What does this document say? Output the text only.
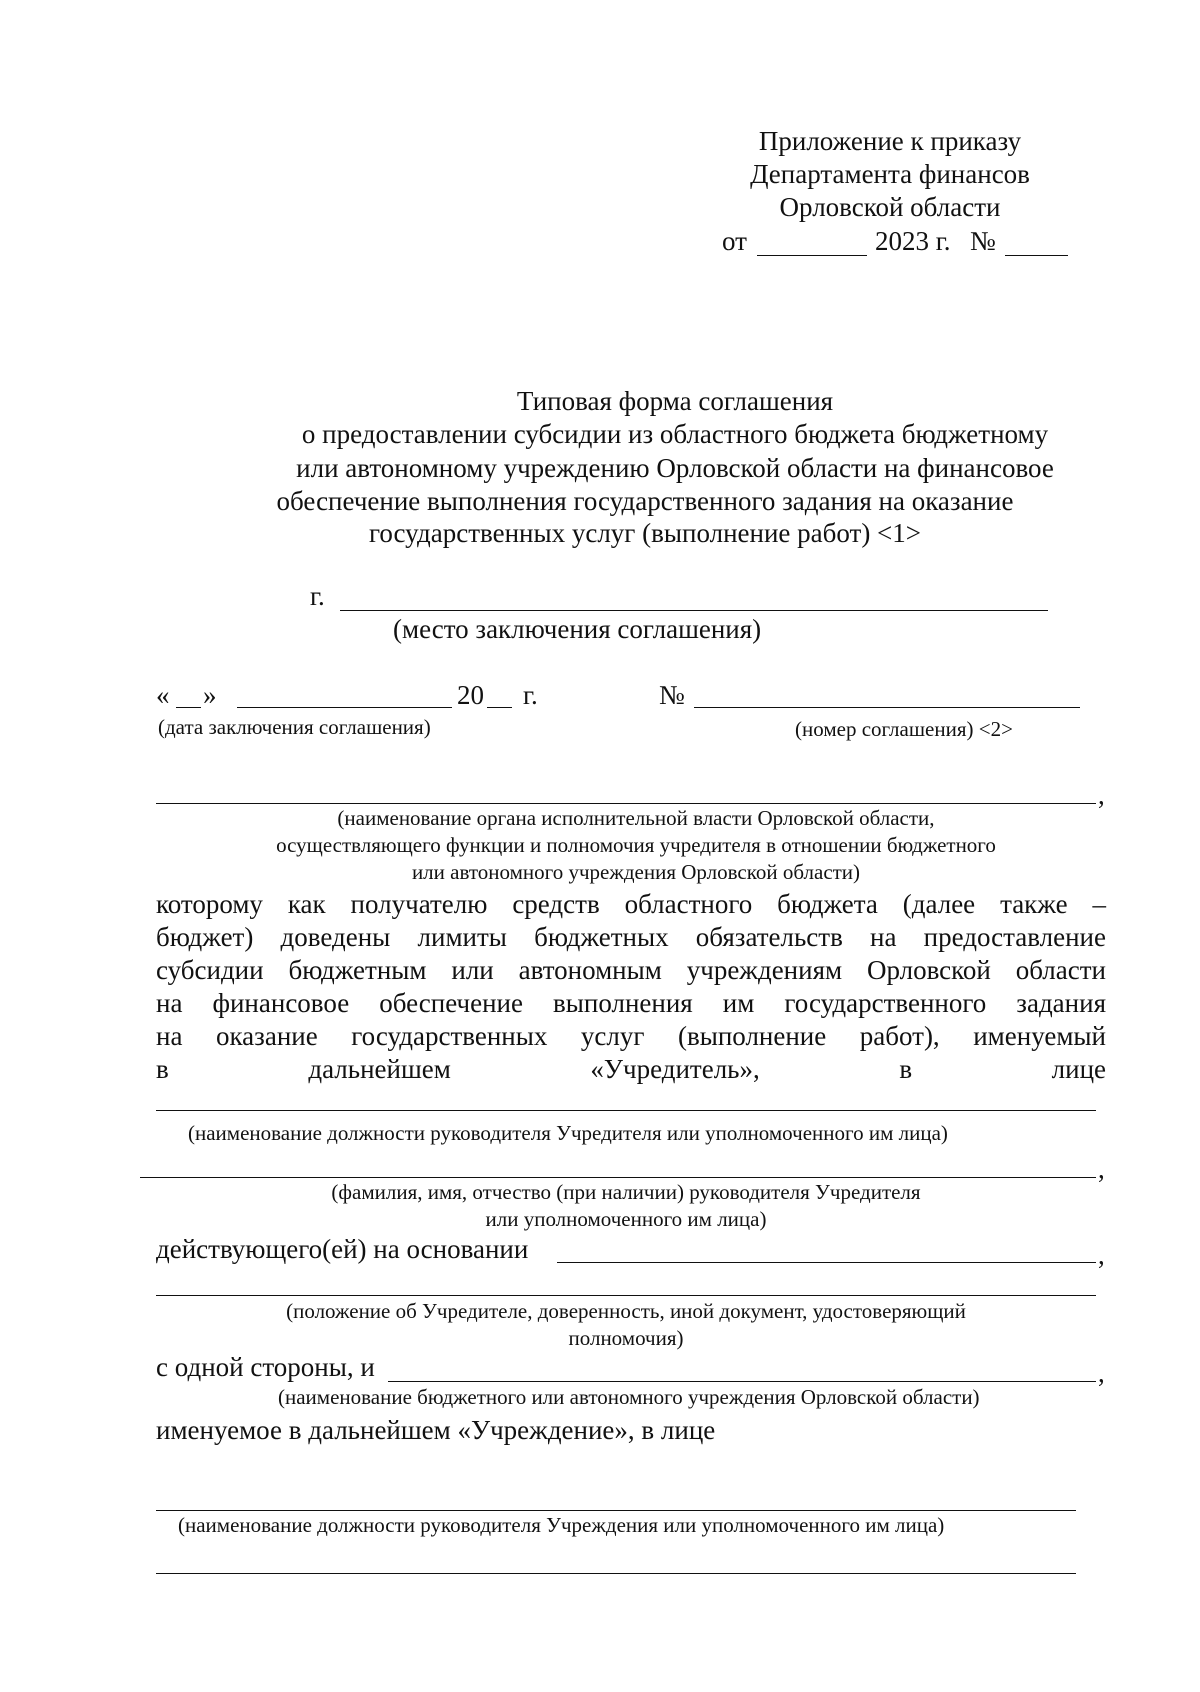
Приложение к приказу
Департамента финансов
Орловской области
от	2023 г. №
Типовая форма соглашения
о предоставлении субсидии из областного бюджета бюджетному
или автономному учреждению Орловской области на финансовое
обеспечение выполнения государственного задания на оказание
государственных услуг (выполнение работ) <1>
г.
(место заключения соглашения)
« »	20 г.	№
(дата заключения соглашения)	(номер соглашения) <2>
,
(наименование органа исполнительной власти Орловской области,
осуществляющего функции и полномочия учредителя в отношении бюджетного
или автономного учреждения Орловской области)
которому как получателю средств областного бюджета (далее также –
бюджет) доведены лимиты бюджетных обязательств на предоставление
субсидии бюджетным или автономным учреждениям Орловской области
на финансовое обеспечение выполнения им государственного задания
на оказание государственных услуг (выполнение работ), именуемый
в дальнейшем «Учредитель», в лице
(наименование должности руководителя Учредителя или уполномоченного им лица)
,
(фамилия, имя, отчество (при наличии) руководителя Учредителя
или уполномоченного им лица)
действующего(ей) на основании	,
(положение об Учредителе, доверенность, иной документ, удостоверяющий
полномочия)
с одной стороны, и	,
(наименование бюджетного или автономного учреждения Орловской области)
именуемое в дальнейшем «Учреждение», в лице
(наименование должности руководителя Учреждения или уполномоченного им лица)
